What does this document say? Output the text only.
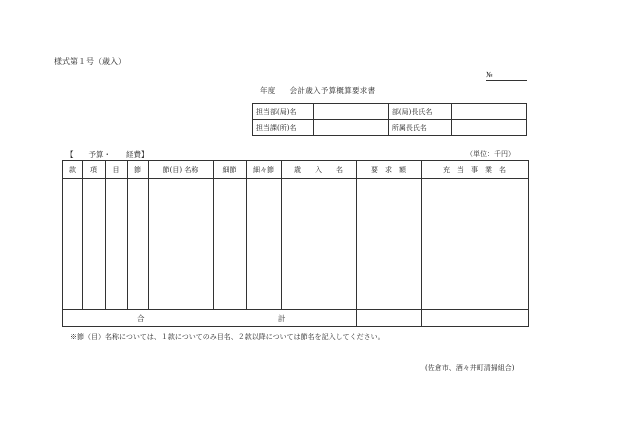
様式第１号（歳入）
№
年度 会計歳入予算概算要求書
担当部(局)名		部(局)長氏名	
担当課(所)名		所属長氏名	
【　　予算・　　経費】	（単位：千円）
款	項	目	節	節(目) 名称	細節	細々節	歳　　入　　名	要　求　額	充　当　事　業　名
合	計
※節（目）名称については、１款についてのみ目名、２款以降については節名を記入してください。
(佐倉市、酒々井町清掃組合)
